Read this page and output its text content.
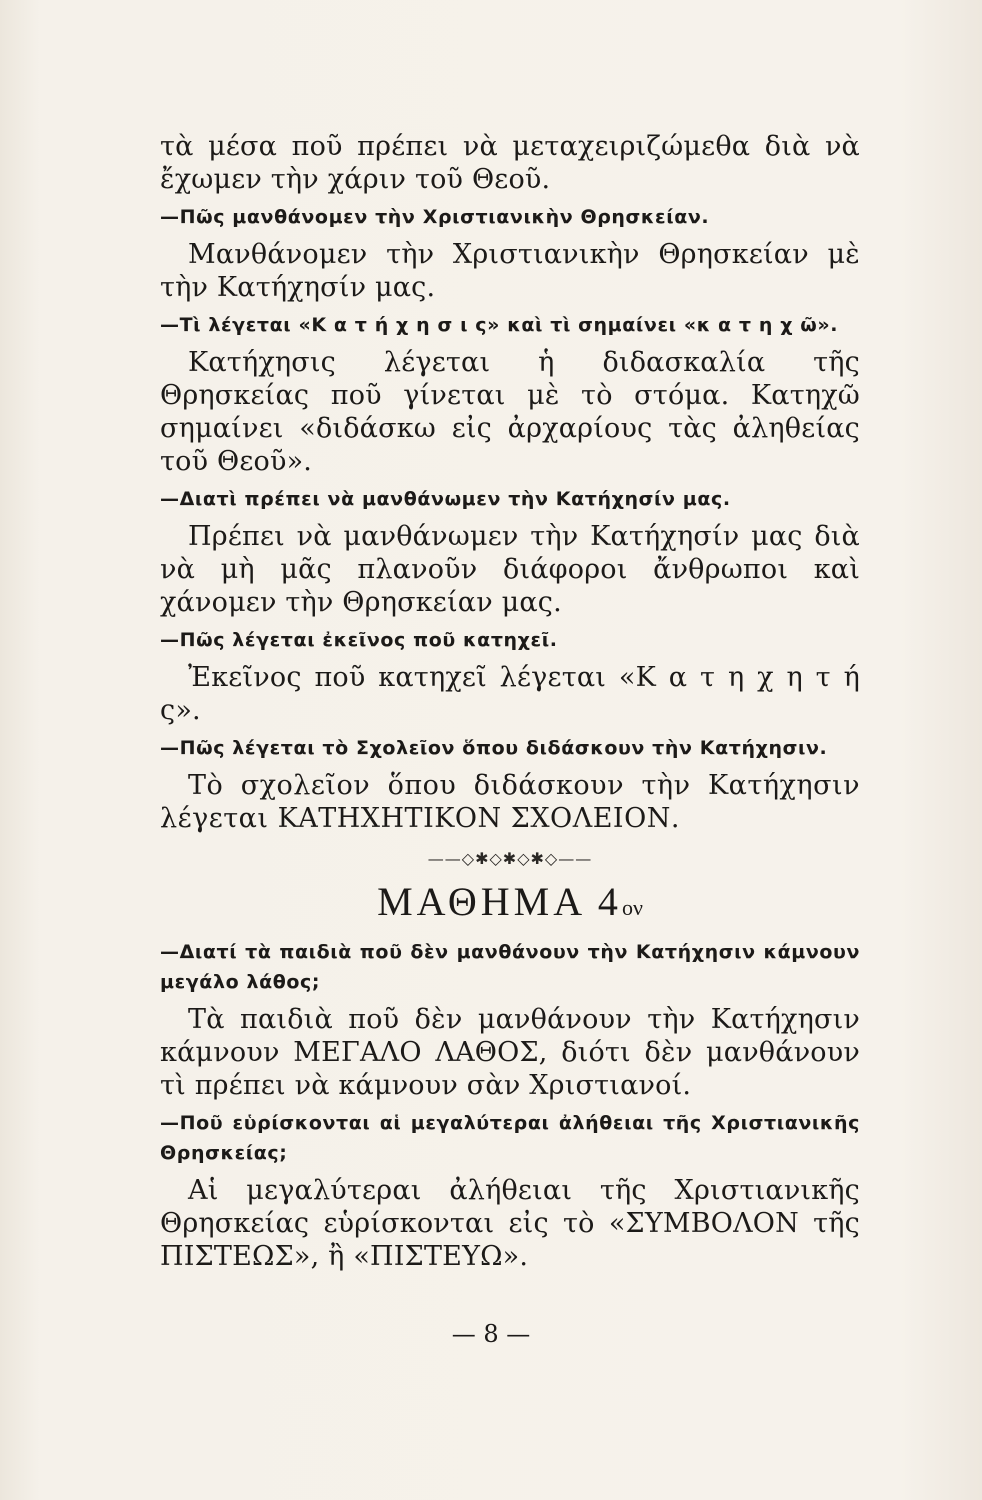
τὰ μέσα ποῦ πρέπει νὰ μεταχειριζώμεθα διὰ νὰ ἔχωμεν τὴν χάριν τοῦ Θεοῦ.

—Πῶς μανθάνομεν τὴν Χριστιανικὴν Θρησκείαν.

Μανθάνομεν τὴν Χριστιανικὴν Θρησκείαν μὲ τὴν Κατήχησίν μας.

—Τὶ λέγεται «Κ α τ ή χ η σ ι ς» καὶ τὶ σημαίνει «κ α τ η χ ῶ».

Κατήχησις λέγεται ἡ διδασκαλία τῆς Θρησκείας ποῦ γίνεται μὲ τὸ στόμα. Κατηχῶ σημαίνει «διδάσκω εἰς ἀρχαρίους τὰς ἀληθείας τοῦ Θεοῦ».

—Διατὶ πρέπει νὰ μανθάνωμεν τὴν Κατήχησίν μας.

Πρέπει νὰ μανθάνωμεν τὴν Κατήχησίν μας διὰ νὰ μὴ μᾶς πλανοῦν διάφοροι ἄνθρωποι καὶ χάνομεν τὴν Θρησκείαν μας.

—Πῶς λέγεται ἐκεῖνος ποῦ κατηχεῖ.

Ἐκεῖνος ποῦ κατηχεῖ λέγεται «Κ α τ η χ η τ ή ς».

—Πῶς λέγεται τὸ Σχολεῖον ὅπου διδάσκουν τὴν Κατήχησιν.

Τὸ σχολεῖον ὅπου διδάσκουν τὴν Κατήχησιν λέγεται ΚΑΤΗΧΗΤΙΚΟΝ ΣΧΟΛΕΙΟΝ.

——◇✱◇✱◇✱◇——
ΜΑΘΗΜΑ 4ον

—Διατί τὰ παιδιὰ ποῦ δὲν μανθάνουν τὴν Κατήχησιν κάμνουν μεγάλο λάθος;

Τὰ παιδιὰ ποῦ δὲν μανθάνουν τὴν Κατήχησιν κάμνουν ΜΕΓΑΛΟ ΛΑΘΟΣ, διότι δὲν μανθάνουν τὶ πρέπει νὰ κάμνουν σὰν Χριστιανοί.

—Ποῦ εὑρίσκονται αἱ μεγαλύτεραι ἀλήθειαι τῆς Χριστιανικῆς Θρησκείας;

Αἱ μεγαλύτεραι ἀλήθειαι τῆς Χριστιανικῆς Θρησκείας εὑρίσκονται εἰς τὸ «ΣΥΜΒΟΛΟΝ τῆς ΠΙΣΤΕΩΣ», ἢ «ΠΙΣΤΕΥΩ».

— 8 —
